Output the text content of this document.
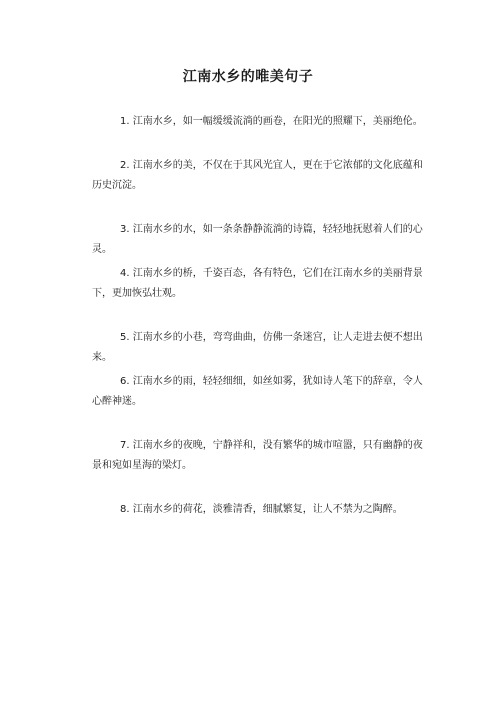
江南水乡的唯美句子

1. 江南水乡，如一幅缓缓流淌的画卷，在阳光的照耀下，美丽绝伦。

2. 江南水乡的美，不仅在于其风光宜人，更在于它浓郁的文化底蕴和历史沉淀。

3. 江南水乡的水，如一条条静静流淌的诗篇，轻轻地抚慰着人们的心灵。

4. 江南水乡的桥，千姿百态，各有特色，它们在江南水乡的美丽背景下，更加恢弘壮观。

5. 江南水乡的小巷，弯弯曲曲，仿佛一条迷宫，让人走进去便不想出来。

6. 江南水乡的雨，轻轻细细，如丝如雾，犹如诗人笔下的辞章，令人心醉神迷。

7. 江南水乡的夜晚，宁静祥和，没有繁华的城市喧嚣，只有幽静的夜景和宛如星海的梁灯。

8. 江南水乡的荷花，淡雅清香，细腻繁复，让人不禁为之陶醉。
